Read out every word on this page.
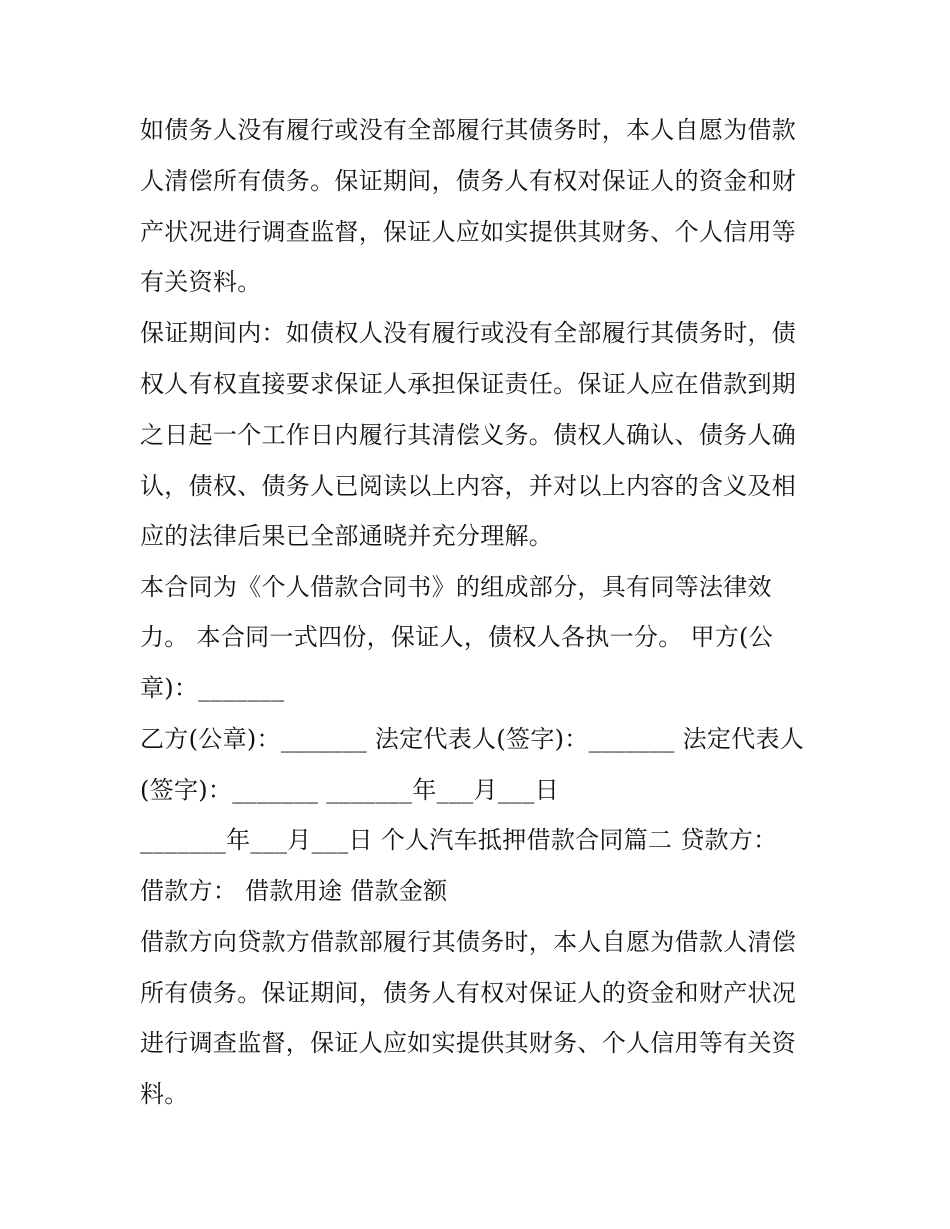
如债务人没有履行或没有全部履行其债务时，本人自愿为借款
人清偿所有债务。保证期间，债务人有权对保证人的资金和财
产状况进行调查监督，保证人应如实提供其财务、个人信用等
有关资料。
保证期间内：如债权人没有履行或没有全部履行其债务时，债
权人有权直接要求保证人承担保证责任。保证人应在借款到期
之日起一个工作日内履行其清偿义务。债权人确认、债务人确
认，债权、债务人已阅读以上内容，并对以上内容的含义及相
应的法律后果已全部通晓并充分理解。
本合同为《个人借款合同书》的组成部分，具有同等法律效
力。 本合同一式四份，保证人，债权人各执一分。 甲方(公
章)：_______
乙方(公章)：_______ 法定代表人(签字)：_______ 法定代表人
(签字)：_______ _______年___月___日
_______年___月___日 个人汽车抵押借款合同篇二 贷款方：
借款方： 借款用途 借款金额
借款方向贷款方借款部履行其债务时，本人自愿为借款人清偿
所有债务。保证期间，债务人有权对保证人的资金和财产状况
进行调查监督，保证人应如实提供其财务、个人信用等有关资
料。
